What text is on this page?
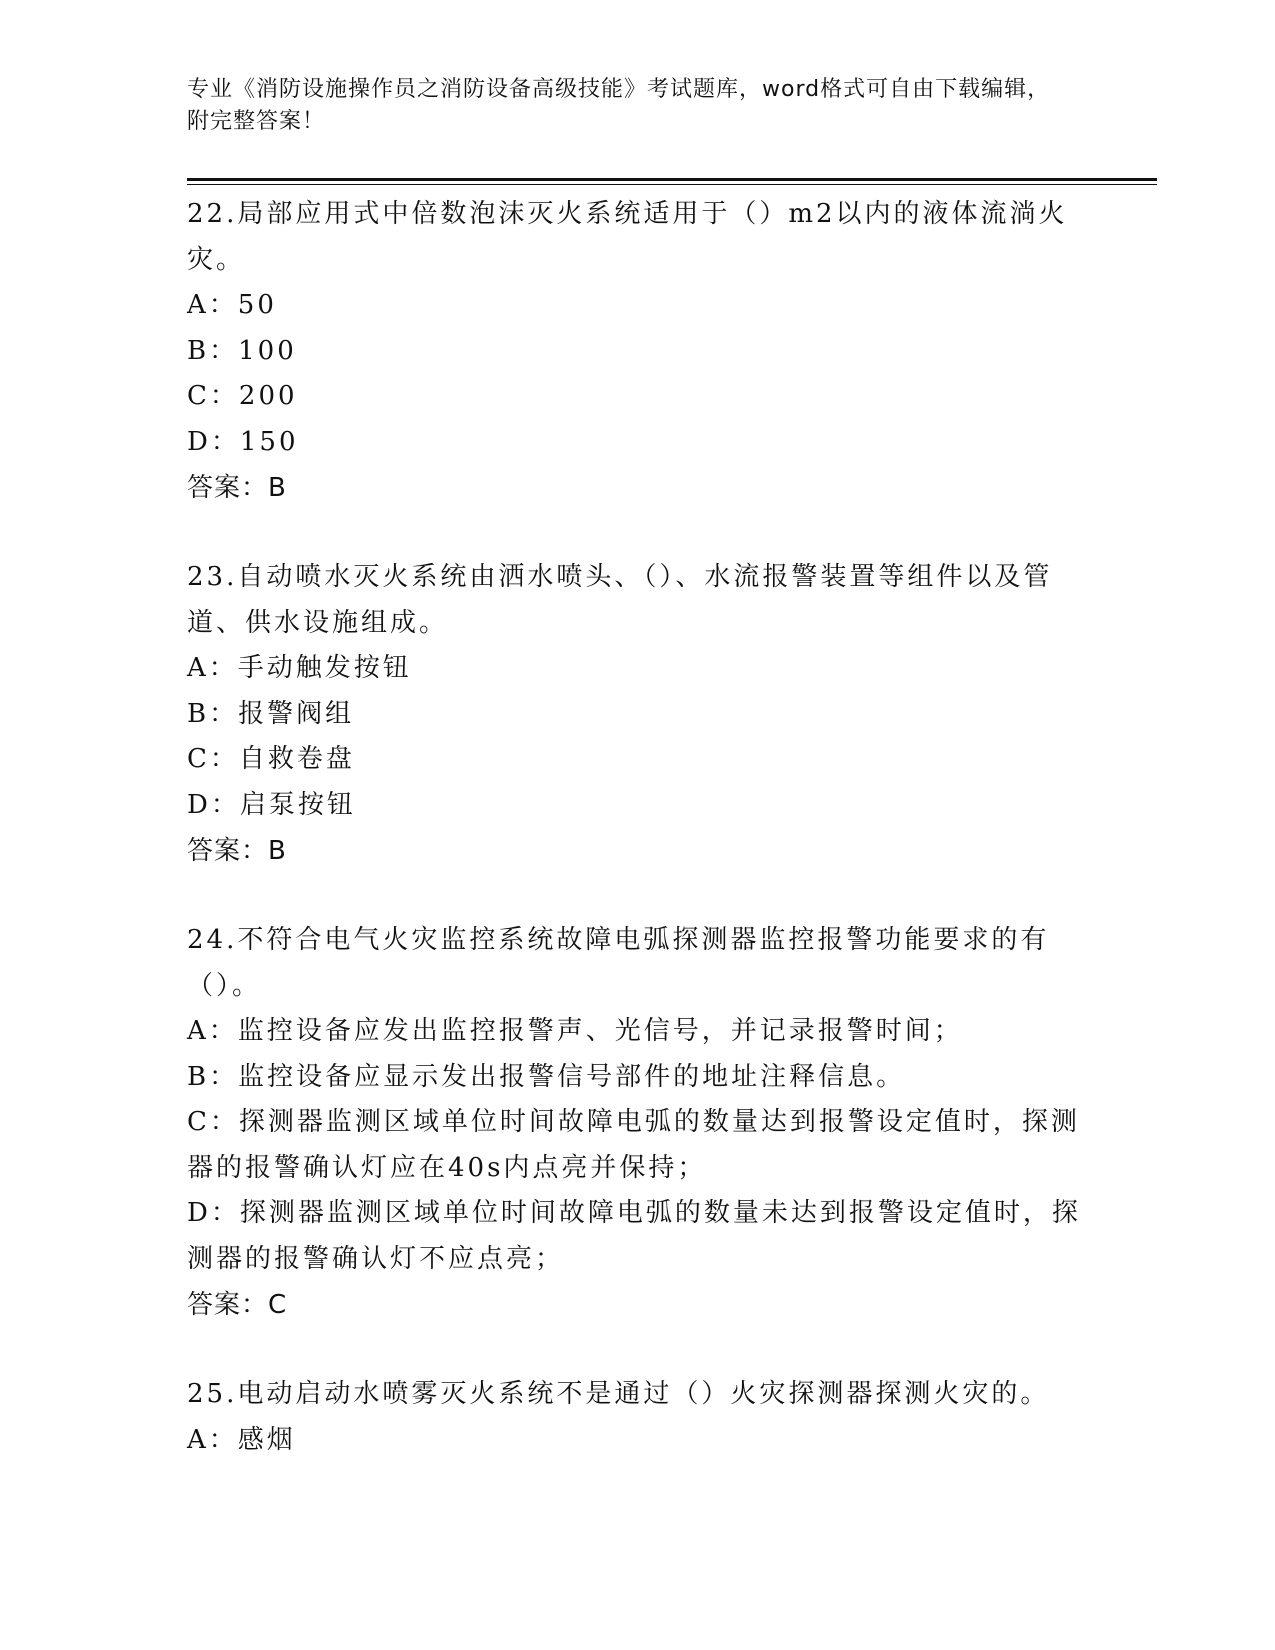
专业《消防设施操作员之消防设备高级技能》考试题库，word格式可自由下载编辑，附完整答案！
22.局部应用式中倍数泡沫灭火系统适用于（）m2以内的液体流淌火灾。
A：50
B：100
C：200
D：150
答案：B
23.自动喷水灭火系统由洒水喷头、（）、水流报警装置等组件以及管道、供水设施组成。
A：手动触发按钮
B：报警阀组
C：自救卷盘
D：启泵按钮
答案：B
24.不符合电气火灾监控系统故障电弧探测器监控报警功能要求的有（）。
A：监控设备应发出监控报警声、光信号，并记录报警时间；
B：监控设备应显示发出报警信号部件的地址注释信息。
C：探测器监测区域单位时间故障电弧的数量达到报警设定值时，探测器的报警确认灯应在40s内点亮并保持；
D：探测器监测区域单位时间故障电弧的数量未达到报警设定值时，探测器的报警确认灯不应点亮；
答案：C
25.电动启动水喷雾灭火系统不是通过（）火灾探测器探测火灾的。
A：感烟
